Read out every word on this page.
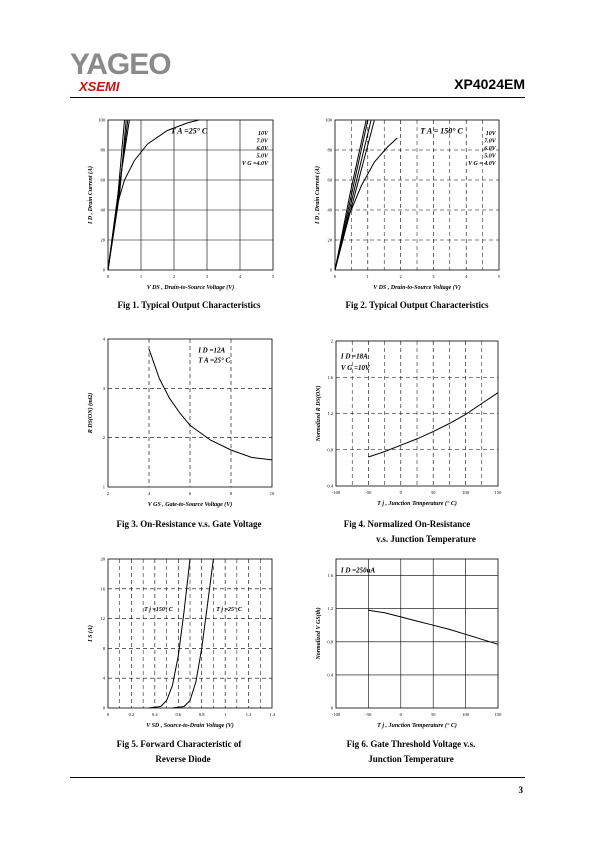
YAGEO
XSEMI	XP4024EM
0	1	2	3	4	5
0
20
40
60
80
100
V DS , Drain-to-Source Voltage (V)
I D , Drain Current (A)
T A =25° C	10V
7.0V
6.0V
5.0V
V G =4.0V
0	1	2	3	4	5
0
20
40
60
80
100
V DS , Drain-to-Source Voltage (V)
I D , Drain Current (A)
T A = 150° C	10V
7.0V
6.0V
5.0V
V G = 4.0V
2	4	6	8	10
1
2
3
4
V GS , Gate-to-Source Voltage (V)
R DS(ON) (mΩ)
I D =12A
T A =25° C
-100	-50	0	50	100	150
0.4
0.8
1.2
1.6
2
T j , Junction Temperature (° C)
Normalized R DS(ON)
I D =18A
V G =10V
0	0.2	0.4	0.6	0.8	1	1.2	1.4
0
4
8
12
16
20
V SD , Source-to-Drain Voltage (V)
I S (A)
T j =150° C	T j =25° C
-100	-50	0	50	100	150
0
0.4
0.8
1.2
1.6
T j , Junction Temperature (° C)
Normalized V GS(th)
I D =250uA
Fig 1. Typical Output Characteristics	Fig 2. Typical Output Characteristics
Fig 3. On-Resistance v.s. Gate Voltage	Fig 4. Normalized On-Resistance
v.s. Junction Temperature
Fig 5. Forward Characteristic of
Reverse Diode
Fig 6. Gate Threshold Voltage v.s.
Junction Temperature
3
